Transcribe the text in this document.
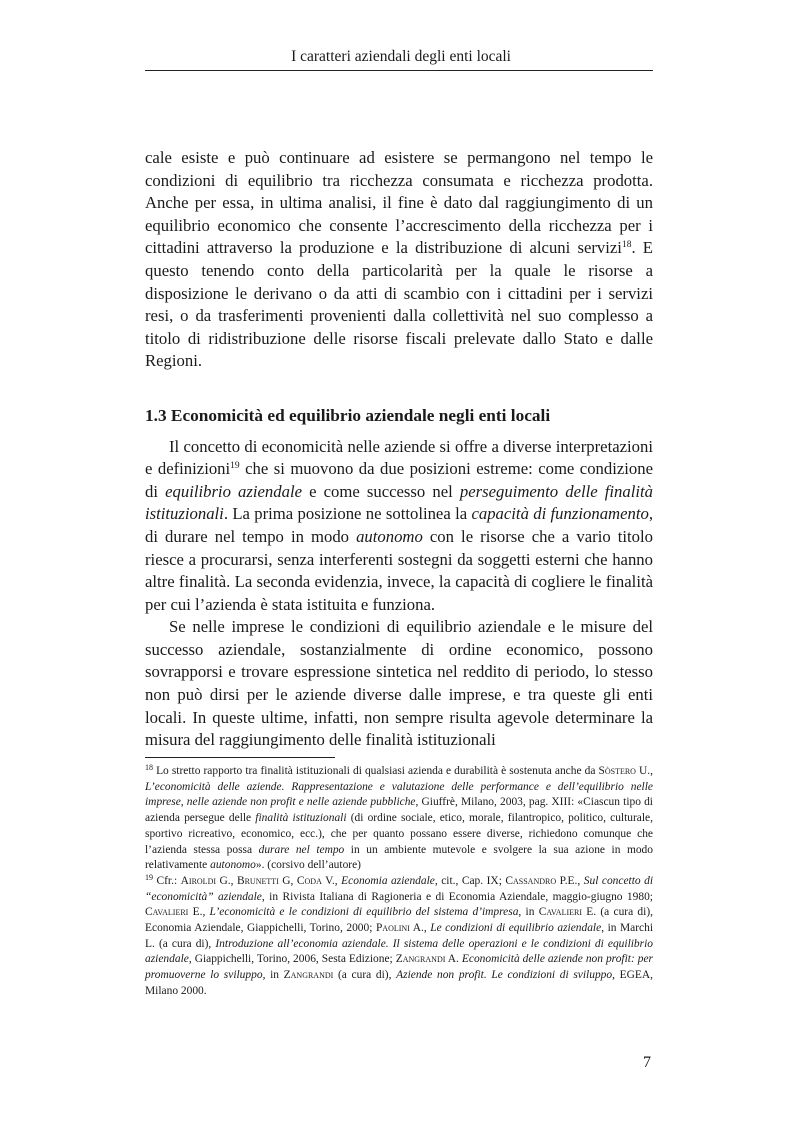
I caratteri aziendali degli enti locali

cale esiste e può continuare ad esistere se permangono nel tempo le condizioni di equilibrio tra ricchezza consumata e ricchezza prodotta. Anche per essa, in ultima analisi, il fine è dato dal raggiungimento di un equilibrio economico che consente l’accrescimento della ricchezza per i cittadini attraverso la produzione e la distribuzione di alcuni servizi$^{18}$. E questo tenendo conto della particolarità per la quale le risorse a disposizione le derivano o da atti di scambio con i cittadini per i servizi resi, o da trasferimenti provenienti dalla collettività nel suo complesso a titolo di ridistribuzione delle risorse fiscali prelevate dallo Stato e dalle Regioni.

1.3 Economicità ed equilibrio aziendale negli enti locali

Il concetto di economicità nelle aziende si offre a diverse interpretazioni e definizioni$^{19}$ che si muovono da due posizioni estreme: come condizione di equilibrio aziendale e come successo nel perseguimento delle finalità istituzionali. La prima posizione ne sottolinea la capacità di funzionamento, di durare nel tempo in modo autonomo con le risorse che a vario titolo riesce a procurarsi, senza interferenti sostegni da soggetti esterni che hanno altre finalità. La seconda evidenzia, invece, la capacità di cogliere le finalità per cui l’azienda è stata istituita e funziona.

Se nelle imprese le condizioni di equilibrio aziendale e le misure del successo aziendale, sostanzialmente di ordine economico, possono sovrapporsi e trovare espressione sintetica nel reddito di periodo, lo stesso non può dirsi per le aziende diverse dalle imprese, e tra queste gli enti locali. In queste ultime, infatti, non sempre risulta agevole determinare la misura del raggiungimento delle finalità istituzionali

$^{18}$ Lo stretto rapporto tra finalità istituzionali di qualsiasi azienda e durabilità è sostenuta anche da Sòstero U., L’economicità delle aziende. Rappresentazione e valutazione delle performance e dell’equilibrio nelle imprese, nelle aziende non profit e nelle aziende pubbliche, Giuffrè, Milano, 2003, pag. XIII: «Ciascun tipo di azienda persegue delle finalità istituzionali (di ordine sociale, etico, morale, filantropico, politico, culturale, sportivo ricreativo, economico, ecc.), che per quanto possano essere diverse, richiedono comunque che l’azienda stessa possa durare nel tempo in un ambiente mutevole e svolgere la sua azione in modo relativamente autonomo». (corsivo dell’autore)

$^{19}$ Cfr.: Airoldi G., Brunetti G, Coda V., Economia aziendale, cit., Cap. IX; Cassandro P.E., Sul concetto di “economicità” aziendale, in Rivista Italiana di Ragioneria e di Economia Aziendale, maggio-giugno 1980; Cavalieri E., L’economicità e le condizioni di equilibrio del sistema d’impresa, in Cavalieri E. (a cura di), Economia Aziendale, Giappichelli, Torino, 2000; Paolini A., Le condizioni di equilibrio aziendale, in Marchi L. (a cura di), Introduzione all’economia aziendale. Il sistema delle operazioni e le condizioni di equilibrio aziendale, Giappichelli, Torino, 2006, Sesta Edizione; Zangrandi A. Economicità delle aziende non profit: per promuoverne lo sviluppo, in Zangrandi (a cura di), Aziende non profit. Le condizioni di sviluppo, EGEA, Milano 2000.

7
